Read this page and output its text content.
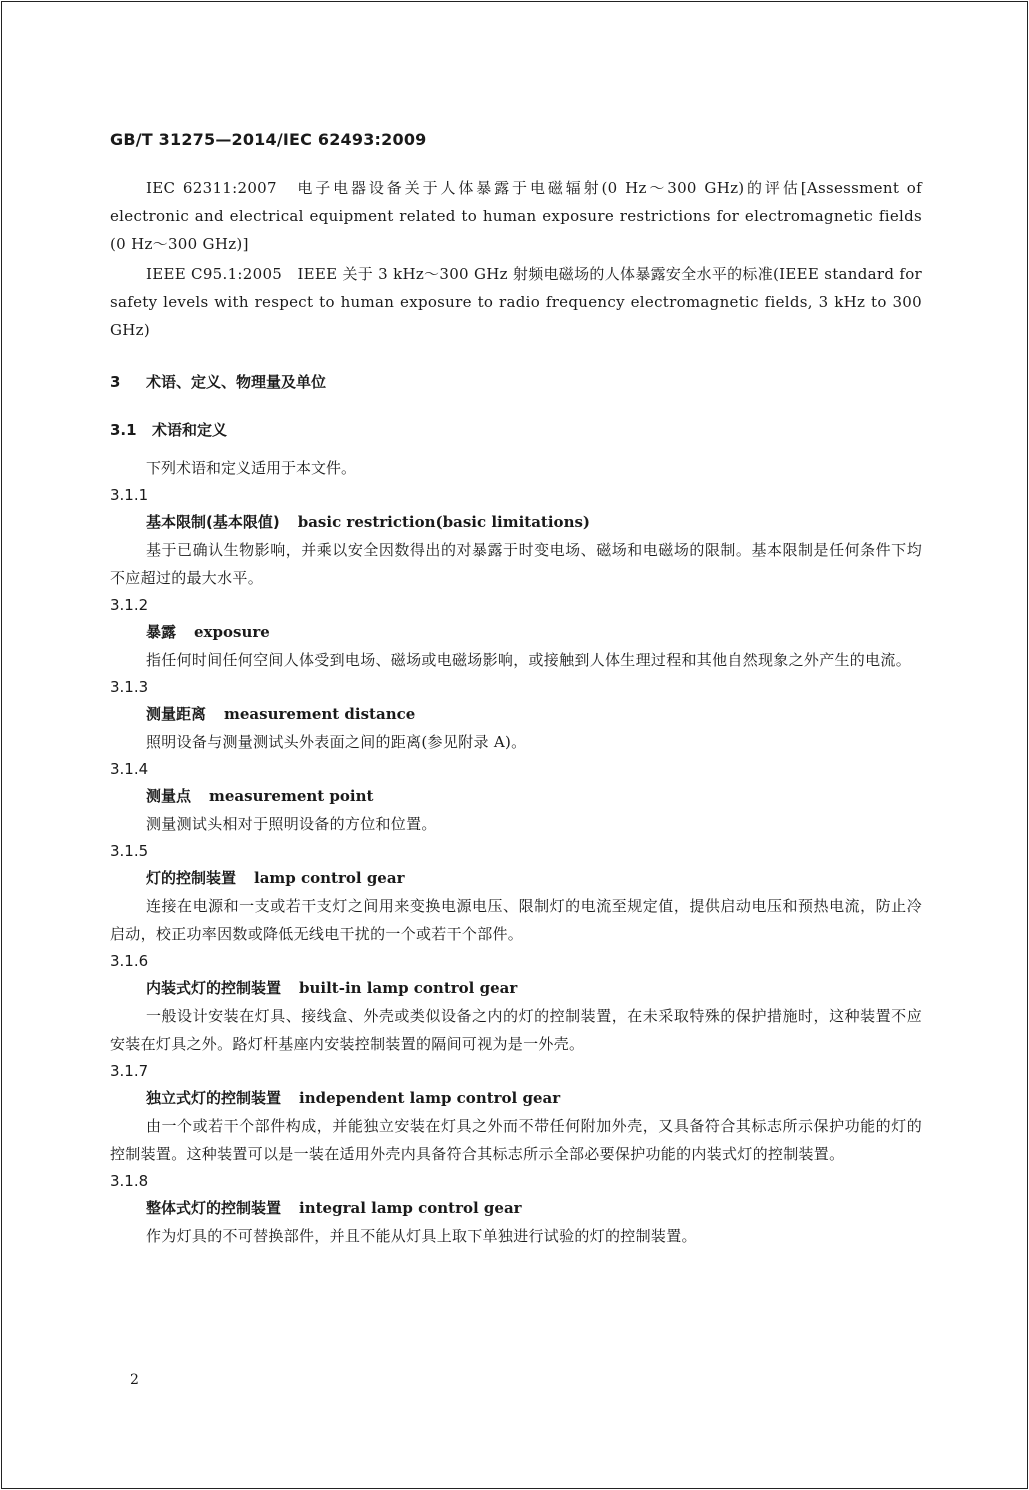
GB/T 31275—2014/IEC 62493:2009

IEC 62311:2007　电子电器设备关于人体暴露于电磁辐射(0 Hz～300 GHz)的评估[Assessment of electronic and electrical equipment related to human exposure restrictions for electromagnetic fields (0 Hz～300 GHz)]

IEEE C95.1:2005　IEEE 关于 3 kHz～300 GHz 射频电磁场的人体暴露安全水平的标准(IEEE standard for safety levels with respect to human exposure to radio frequency electromagnetic fields, 3 kHz to 300 GHz)

3 术语、定义、物理量及单位
3.1 术语和定义
下列术语和定义适用于本文件。
3.1.1
基本限制(基本限值) basic restriction(basic limitations)
基于已确认生物影响，并乘以安全因数得出的对暴露于时变电场、磁场和电磁场的限制。基本限制是任何条件下均不应超过的最大水平。
3.1.2
暴露 exposure
指任何时间任何空间人体受到电场、磁场或电磁场影响，或接触到人体生理过程和其他自然现象之外产生的电流。
3.1.3
测量距离 measurement distance
照明设备与测量测试头外表面之间的距离(参见附录 A)。
3.1.4
测量点 measurement point
测量测试头相对于照明设备的方位和位置。
3.1.5
灯的控制装置 lamp control gear
连接在电源和一支或若干支灯之间用来变换电源电压、限制灯的电流至规定值，提供启动电压和预热电流，防止冷启动，校正功率因数或降低无线电干扰的一个或若干个部件。
3.1.6
内装式灯的控制装置 built-in lamp control gear
一般设计安装在灯具、接线盒、外壳或类似设备之内的灯的控制装置，在未采取特殊的保护措施时，这种装置不应安装在灯具之外。路灯杆基座内安装控制装置的隔间可视为是一外壳。
3.1.7
独立式灯的控制装置 independent lamp control gear
由一个或若干个部件构成，并能独立安装在灯具之外而不带任何附加外壳，又具备符合其标志所示保护功能的灯的控制装置。这种装置可以是一装在适用外壳内具备符合其标志所示全部必要保护功能的内装式灯的控制装置。
3.1.8
整体式灯的控制装置 integral lamp control gear
作为灯具的不可替换部件，并且不能从灯具上取下单独进行试验的灯的控制装置。
2
